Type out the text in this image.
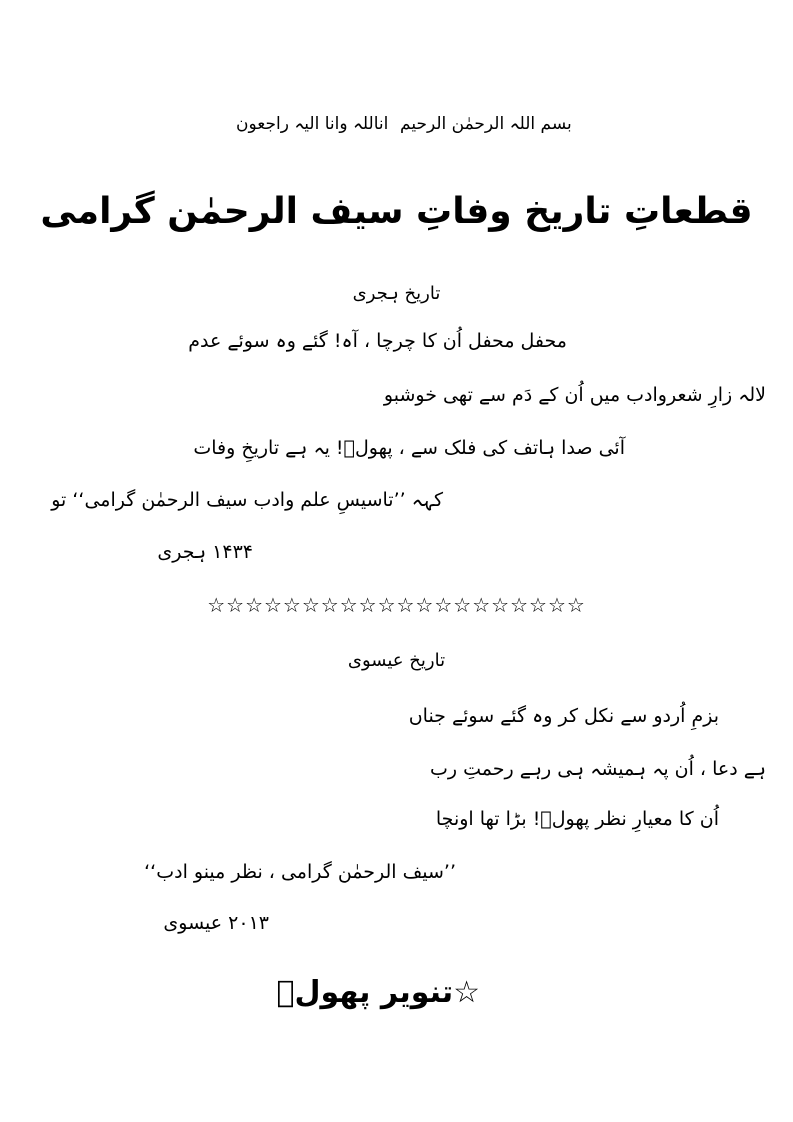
اناللہ وانا الیہ راجعون بسم اللہ الرحمٰن الرحیم
قطعاتِ تاریخ وفاتِ سیف الرحمٰن گرامی
تاریخ ہجری
محفل محفل اُن کا چرچا ، آہ! گئے وہ سوئے عدم
لالہ زارِ شعروادب میں اُن کے دَم سے تھی خوشبو
آئی صدا ہاتف کی فلک سے ، پھولؔ! یہ ہے تاریخِ وفات
کہہ ’’تاسیسِ علم وادب سیف الرحمٰن گرامی‘‘ تو
۱۴۳۴ ہجری
☆☆☆☆☆☆☆☆☆☆☆☆☆☆☆☆☆☆☆☆
تاریخ عیسوی
بزمِ اُردو سے نکل کر وہ گئے سوئے جناں
ہے دعا ، اُن پہ ہمیشہ ہی رہے رحمتِ رب
اُن کا معیارِ نظر پھولؔ! بڑا تھا اونچا
’’سیف الرحمٰن گرامی ، نظر مینو ادب‘‘
۲۰۱۳ عیسوی
☆تنویر پھولؔ
